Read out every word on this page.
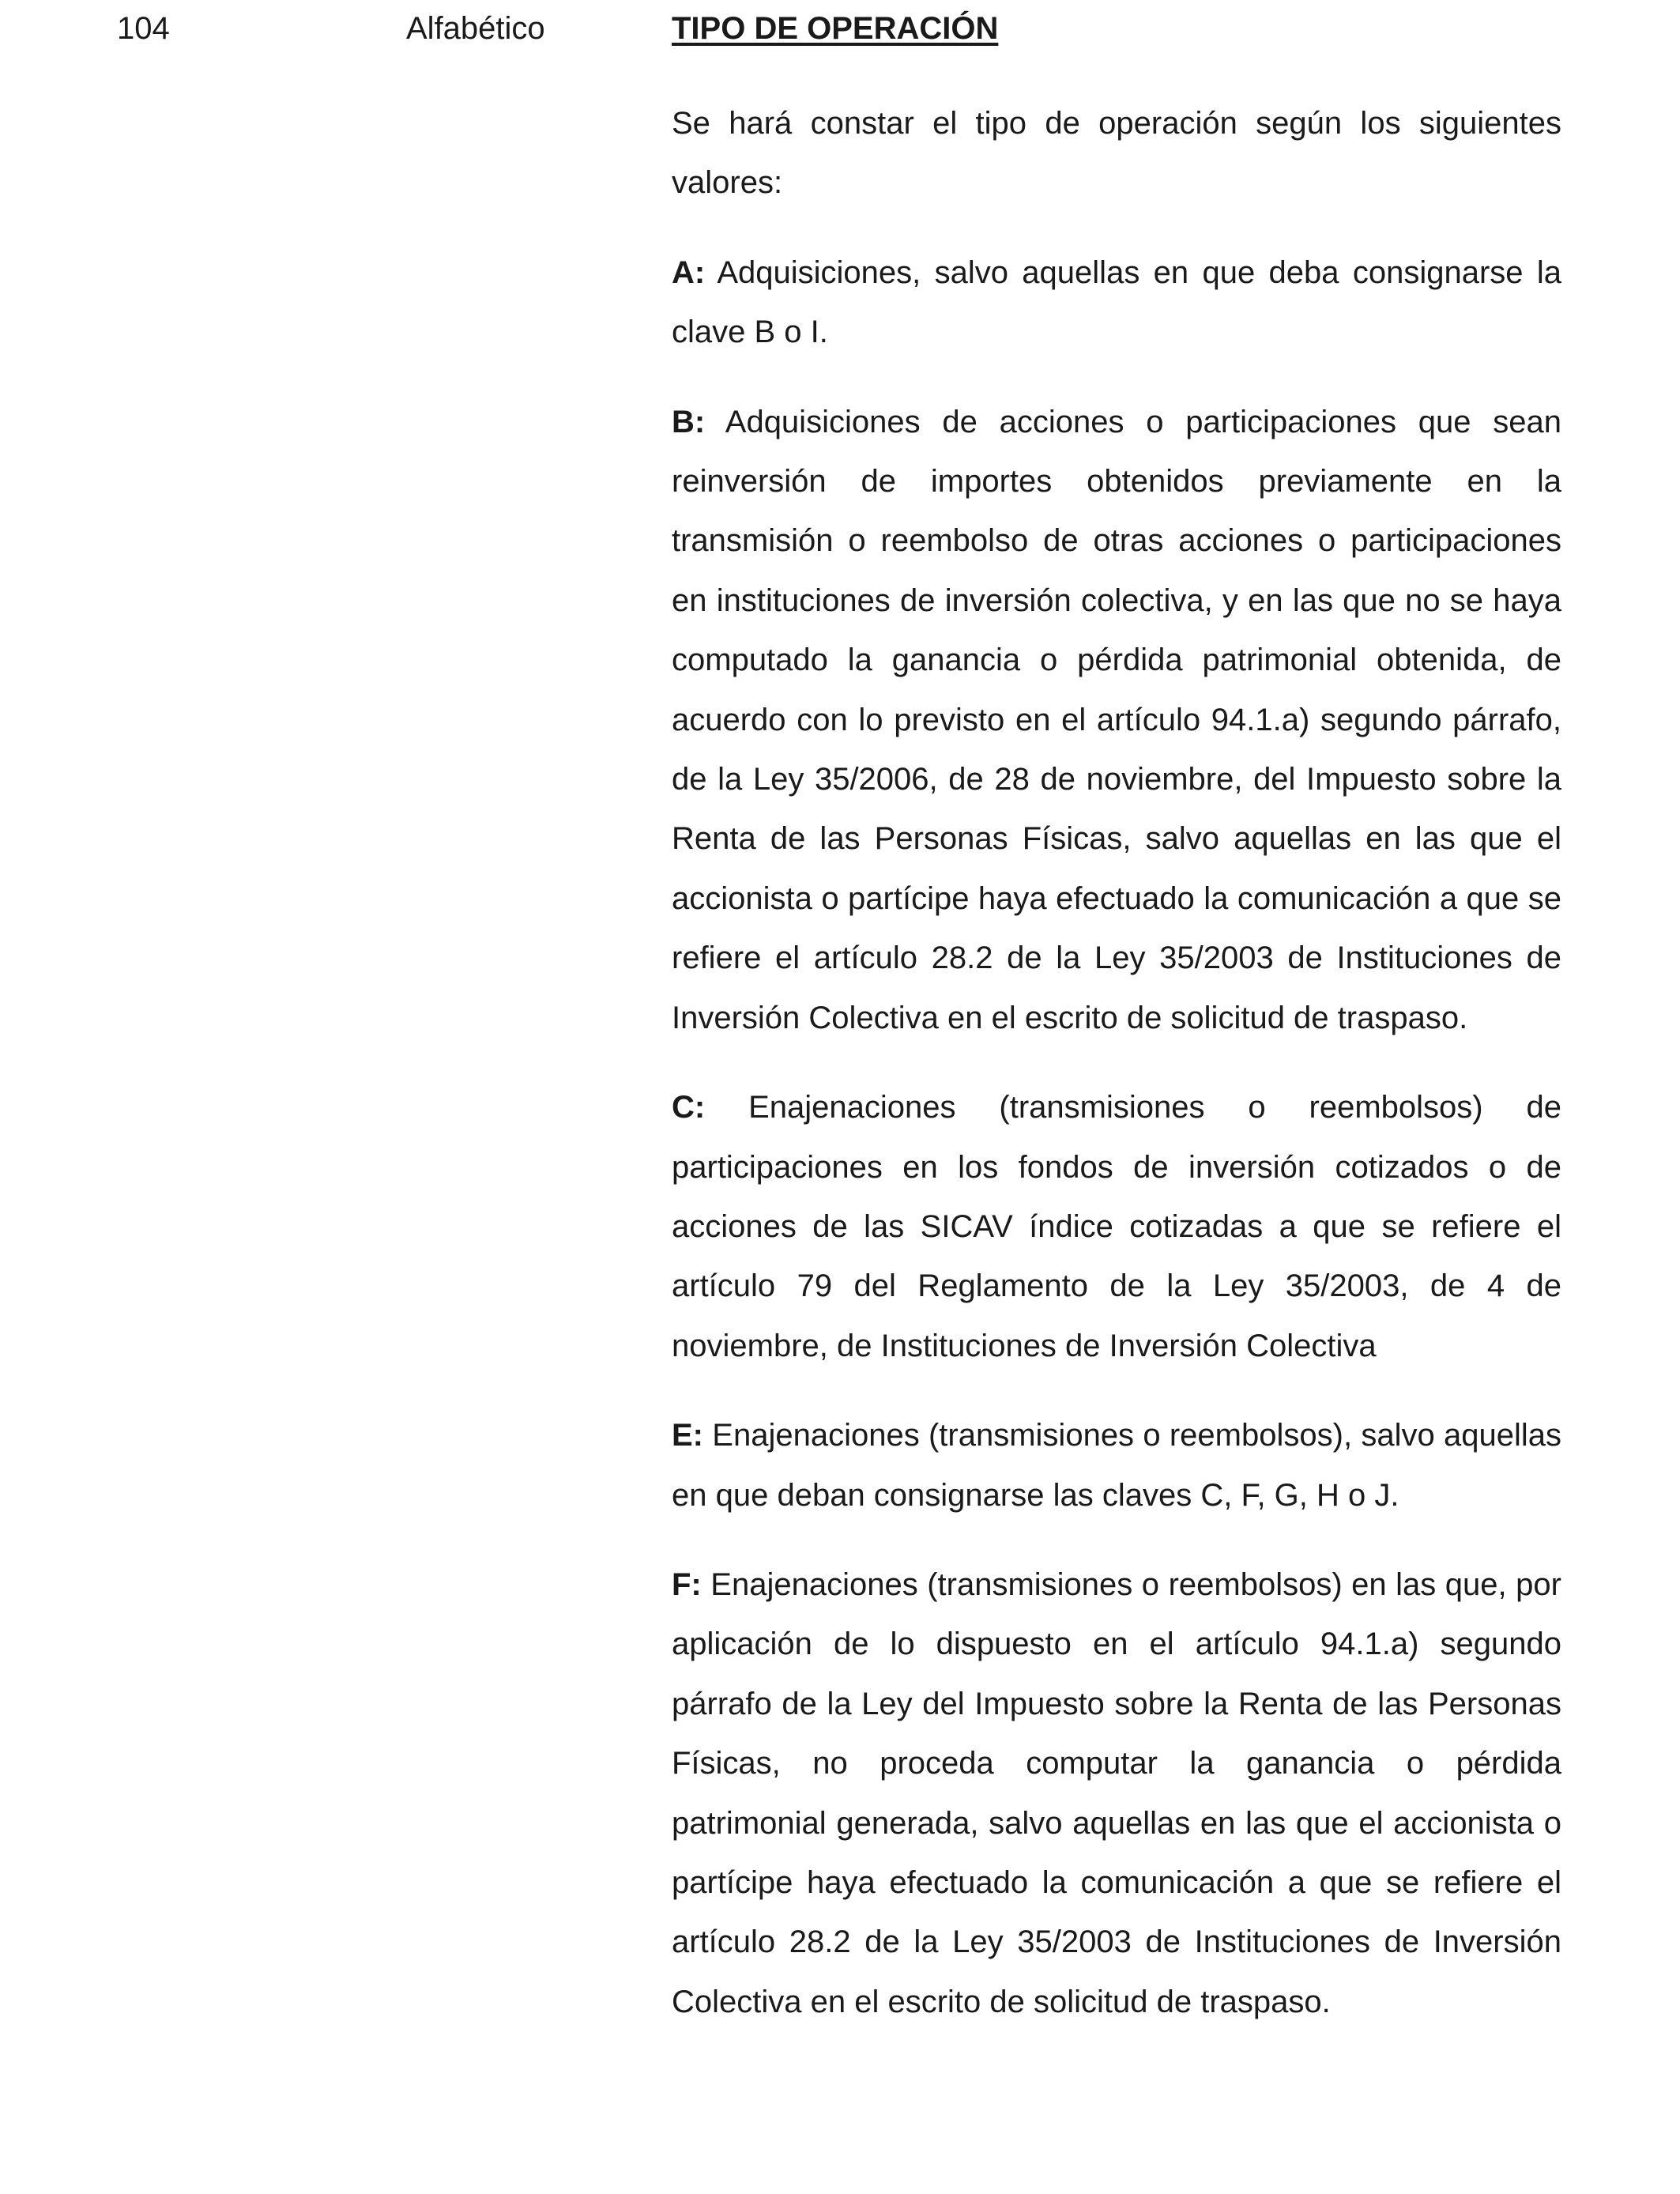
104	Alfabético	TIPO DE OPERACIÓN

Se hará constar el tipo de operación según los siguientes valores:

A: Adquisiciones, salvo aquellas en que deba consignarse la clave B o I.

B: Adquisiciones de acciones o participaciones que sean reinversión de importes obtenidos previamente en la transmisión o reembolso de otras acciones o participaciones en instituciones de inversión colectiva, y en las que no se haya computado la ganancia o pérdida patrimonial obtenida, de acuerdo con lo previsto en el artículo 94.1.a) segundo párrafo, de la Ley 35/2006, de 28 de noviembre, del Impuesto sobre la Renta de las Personas Físicas, salvo aquellas en las que el accionista o partícipe haya efectuado la comunicación a que se refiere el artículo 28.2 de la Ley 35/2003 de Instituciones de Inversión Colectiva en el escrito de solicitud de traspaso.

C: Enajenaciones (transmisiones o reembolsos) de participaciones en los fondos de inversión cotizados o de acciones de las SICAV índice cotizadas a que se refiere el artículo 79 del Reglamento de la Ley 35/2003, de 4 de noviembre, de Instituciones de Inversión Colectiva

E: Enajenaciones (transmisiones o reembolsos), salvo aquellas en que deban consignarse las claves C, F, G, H o J.

F: Enajenaciones (transmisiones o reembolsos) en las que, por aplicación de lo dispuesto en el artículo 94.1.a) segundo párrafo de la Ley del Impuesto sobre la Renta de las Personas Físicas, no proceda computar la ganancia o pérdida patrimonial generada, salvo aquellas en las que el accionista o partícipe haya efectuado la comunicación a que se refiere el artículo 28.2 de la Ley 35/2003 de Instituciones de Inversión Colectiva en el escrito de solicitud de traspaso.
